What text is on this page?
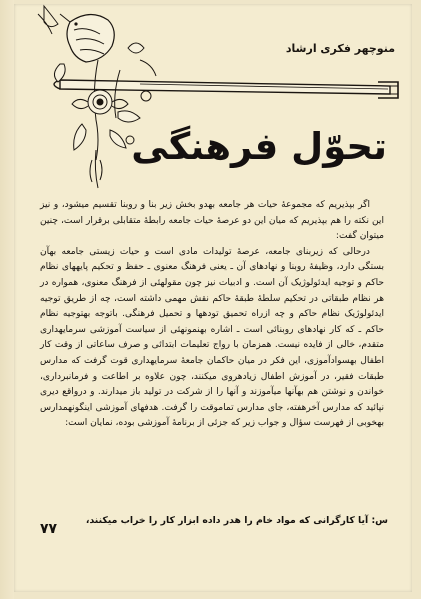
منوچهر فکری ارشاد
تحوّل فرهنگی

اگر بپذیریم که مجموعهٔ حیات هر جامعه بهدو بخش زیر بنا و روبنا تقسیم میشود، و نیز این نکته را هم بپذیریم که میان این دو عرصهٔ حیات جامعه رابطهٔ متقابلی برقرار است، چنین میتوان گفت:

درحالی که زیربنای جامعه، عرصهٔ تولیدات مادی است و حیات زیستی جامعه بهآن بستگی دارد، وظیفهٔ روبنا و نهادهای آن ـ یعنی فرهنگ معنوی ـ حفظ و تحکیم پایههای نظام حاکم و توجیه ایدئولوژیک آن است. و ادبیات نیز چون مقولهئی از فرهنگ معنوی، همواره در هر نظام طبقاتی در تحکیم سلطهٔ طبقهٔ حاکم نقش مهمی داشته است، چه از طریق توجیه ایدئولوژیک نظام حاکم و چه ازراه تحمیق تودهها و تحمیل فرهنگی. باتوجه بهتوجیه نظام حاکم ـ که کار نهادهای روبنائی است ـ اشاره بهنمونهئی از سیاست آموزشی سرمایهداری متقدم، خالی از فایده نیست. همزمان با رواج تعلیمات ابتدائی و صرف ساعاتی از وقت کار اطفال بهسوادآموزی، این فکر در میان حاکمان جامعهٔ سرمایهداری قوت گرفت که مدارس طبقات فقیر، در آموزش اطفال زیادهروی میکنند، چون علاوه بر اطاعت و فرمانبرداری، خواندن و نوشتن هم بهآنها میآموزند و آنها را از شرکت در تولید باز میدارند. و درواقع دیری نپائید که مدارس آخرهفته، جای مدارس تماموقت را گرفت. هدفهای آموزشی اینگونهمدارس بهخوبی از فهرست سؤال و جواب زیر که جزئی از برنامهٔ آموزشی بوده، نمایان است:

س: آیا کارگرانی که مواد خام را هدر داده ابزار کار را خراب میکنند،
۷۷
